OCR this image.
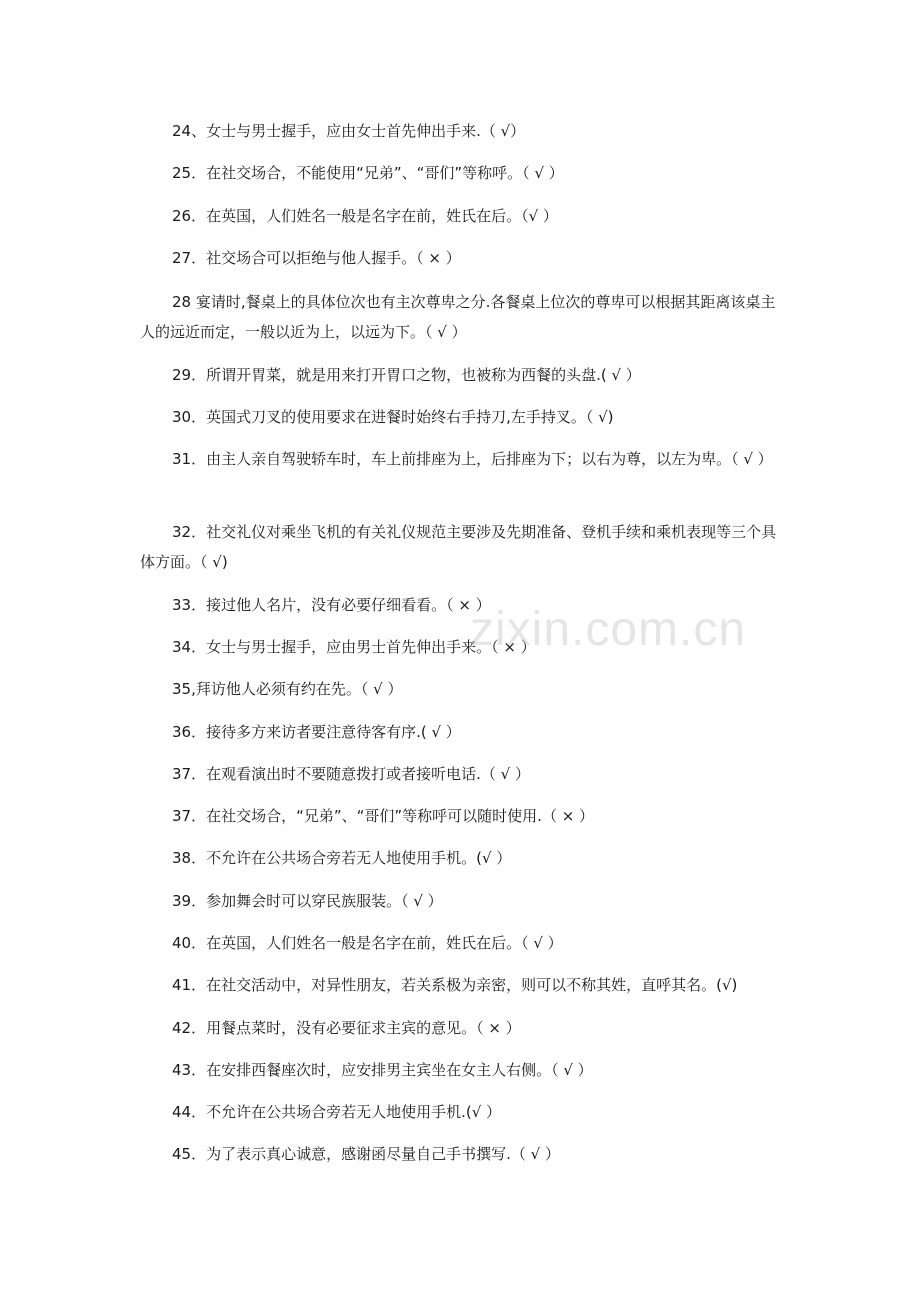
24、女士与男士握手，应由女士首先伸出手来.（ √）

25．在社交场合，不能使用“兄弟”、“哥们”等称呼。（ √ ）

26．在英国，人们姓名一般是名字在前，姓氏在后。（√ ）

27．社交场合可以拒绝与他人握手。（ × ）

28 宴请时,餐桌上的具体位次也有主次尊卑之分.各餐桌上位次的尊卑可以根据其距离该桌主人的远近而定，一般以近为上，以远为下。（ √ ）

29．所谓开胃菜，就是用来打开胃口之物，也被称为西餐的头盘.( √ ）

30．英国式刀叉的使用要求在进餐时始终右手持刀,左手持叉。（ √)

31．由主人亲自驾驶轿车时，车上前排座为上，后排座为下；以右为尊，以左为卑。（ √ ）

32．社交礼仪对乘坐飞机的有关礼仪规范主要涉及先期准备、登机手续和乘机表现等三个具体方面。（ √)

33．接过他人名片，没有必要仔细看看。（ × ）

34．女士与男士握手，应由男士首先伸出手来。（ × ）

35,拜访他人必须有约在先。（ √ ）

36．接待多方来访者要注意待客有序.( √ ）

37．在观看演出时不要随意拨打或者接听电话.（ √ ）

37．在社交场合，“兄弟”、“哥们”等称呼可以随时使用.（ × ）

38．不允许在公共场合旁若无人地使用手机。(√ ）

39．参加舞会时可以穿民族服装。（ √ ）

40．在英国，人们姓名一般是名字在前，姓氏在后。（ √ ）

41．在社交活动中，对异性朋友，若关系极为亲密，则可以不称其姓，直呼其名。(√)

42．用餐点菜时，没有必要征求主宾的意见。（ × ）

43．在安排西餐座次时，应安排男主宾坐在女主人右侧。（ √ ）

44．不允许在公共场合旁若无人地使用手机.(√ ）

45．为了表示真心诚意，感谢函尽量自己手书撰写.（ √ ）

zixin.com.cn
